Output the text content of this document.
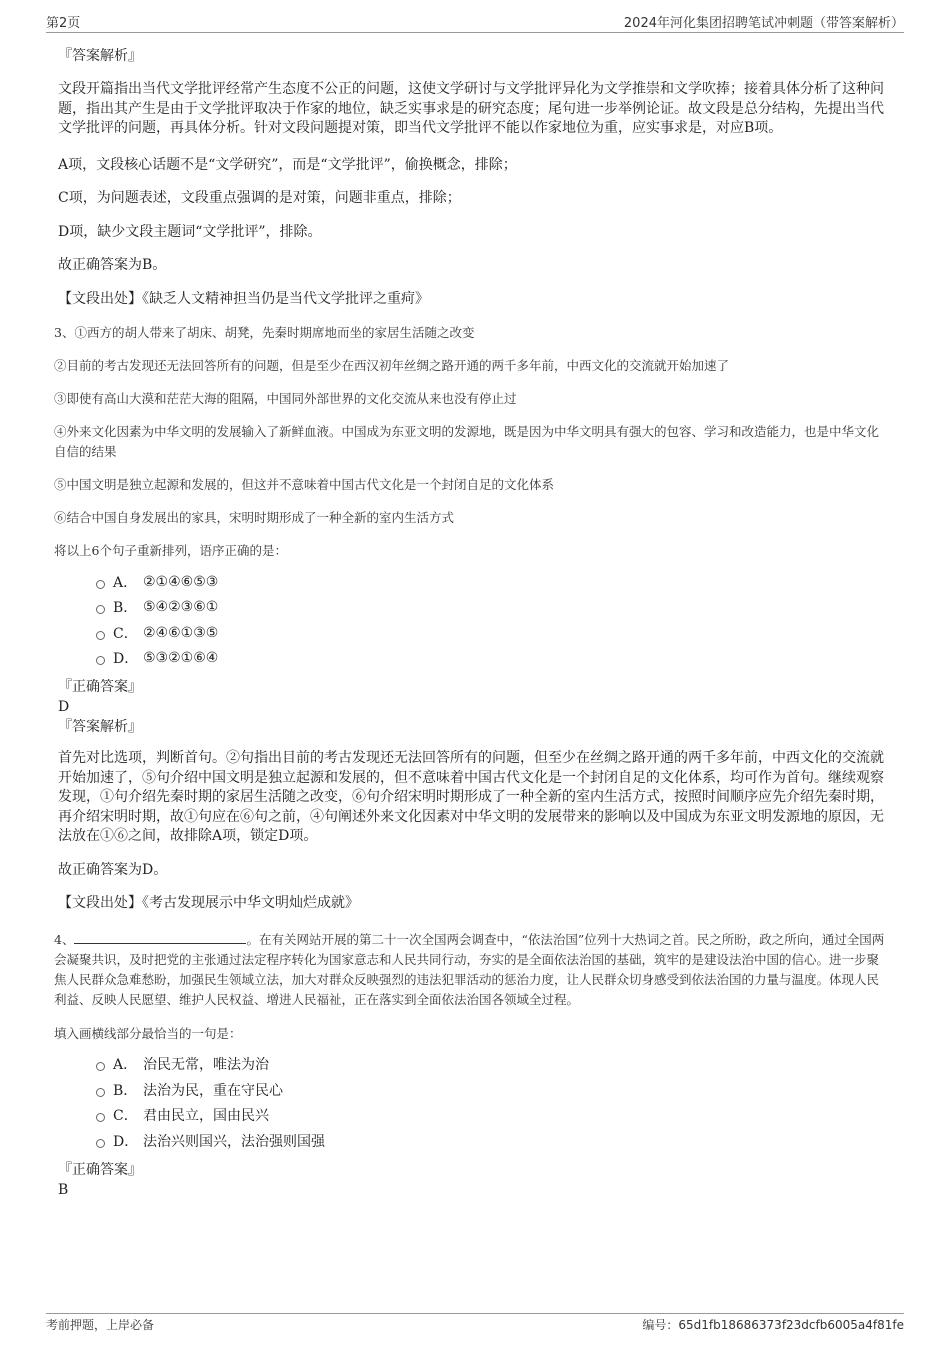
第2页	2024年河化集团招聘笔试冲刺题（带答案解析）
『答案解析』

文段开篇指出当代文学批评经常产生态度不公正的问题，这使文学研讨与文学批评异化为文学推崇和文学吹捧；接着具体分析了这种问题，指出其产生是由于文学批评取决于作家的地位，缺乏实事求是的研究态度；尾句进一步举例论证。故文段是总分结构，先提出当代文学批评的问题，再具体分析。针对文段问题提对策，即当代文学批评不能以作家地位为重，应实事求是，对应B项。

A项，文段核心话题不是“文学研究”，而是“文学批评”，偷换概念，排除；

C项，为问题表述，文段重点强调的是对策，问题非重点，排除；

D项，缺少文段主题词“文学批评”，排除。

故正确答案为B。

【文段出处】《缺乏人文精神担当仍是当代文学批评之重疴》

3、①西方的胡人带来了胡床、胡凳，先秦时期席地而坐的家居生活随之改变

②目前的考古发现还无法回答所有的问题，但是至少在西汉初年丝绸之路开通的两千多年前，中西文化的交流就开始加速了

③即使有高山大漠和茫茫大海的阻隔，中国同外部世界的文化交流从来也没有停止过

④外来文化因素为中华文明的发展输入了新鲜血液。中国成为东亚文明的发源地，既是因为中华文明具有强大的包容、学习和改造能力，也是中华文化自信的结果

⑤中国文明是独立起源和发展的，但这并不意味着中国古代文化是一个封闭自足的文化体系

⑥结合中国自身发展出的家具，宋明时期形成了一种全新的室内生活方式

将以上6个句子重新排列，语序正确的是：

A． ②①④⑥⑤③
B． ⑤④②③⑥①
C． ②④⑥①③⑤
D． ⑤③②①⑥④
『正确答案』
D
『答案解析』

首先对比选项，判断首句。②句指出目前的考古发现还无法回答所有的问题，但至少在丝绸之路开通的两千多年前，中西文化的交流就开始加速了，⑤句介绍中国文明是独立起源和发展的，但不意味着中国古代文化是一个封闭自足的文化体系，均可作为首句。继续观察发现，①句介绍先秦时期的家居生活随之改变，⑥句介绍宋明时期形成了一种全新的室内生活方式，按照时间顺序应先介绍先秦时期，再介绍宋明时期，故①句应在⑥句之前，④句阐述外来文化因素对中华文明的发展带来的影响以及中国成为东亚文明发源地的原因，无法放在①⑥之间，故排除A项，锁定D项。

故正确答案为D。

【文段出处】《考古发现展示中华文明灿烂成就》

4、	。在有关网站开展的第二十一次全国两会调查中，“依法治国”位列十大热词之首。民之所盼，政之所向，通过全国两会凝聚共识，及时把党的主张通过法定程序转化为国家意志和人民共同行动，夯实的是全面依法治国的基础，筑牢的是建设法治中国的信心。进一步聚焦人民群众急难愁盼，加强民生领域立法，加大对群众反映强烈的违法犯罪活动的惩治力度，让人民群众切身感受到依法治国的力量与温度。体现人民利益、反映人民愿望、维护人民权益、增进人民福祉，正在落实到全面依法治国各领域全过程。

填入画横线部分最恰当的一句是：

A． 治民无常，唯法为治
B． 法治为民，重在守民心
C． 君由民立，国由民兴
D． 法治兴则国兴，法治强则国强
『正确答案』
B
考前押题，上岸必备	编号：65d1fb18686373f23dcfb6005a4f81fe
